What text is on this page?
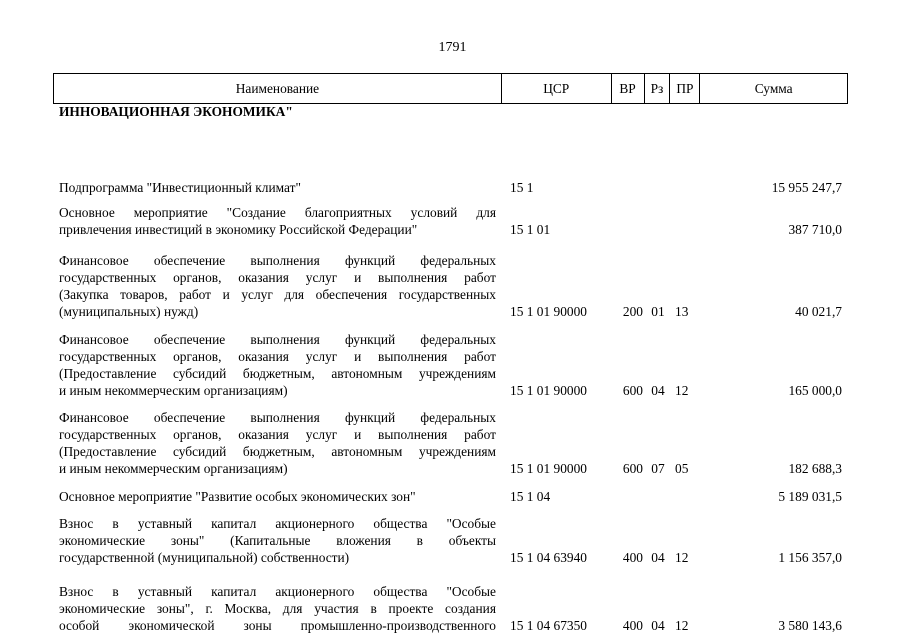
1791
Наименование	ЦСР	ВР	Рз ПР	Сумма
ИННОВАЦИОННАЯ ЭКОНОМИКА"
Подпрограмма "Инвестиционный климат"	15 1	15 955 247,7
Основное мероприятие "Создание благоприятных условий для
привлечения инвестиций в экономику Российской Федерации"	15 1 01	387 710,0
Финансовое обеспечение выполнения функций федеральных
государственных органов, оказания услуг и выполнения работ
(Закупка товаров, работ и услуг для обеспечения государственных
(муниципальных) нужд)	15 1 01 90000	200 01 13	40 021,7
Финансовое обеспечение выполнения функций федеральных
государственных органов, оказания услуг и выполнения работ
(Предоставление субсидий бюджетным, автономным учреждениям
и иным некоммерческим организациям)	15 1 01 90000	600 04 12	165 000,0
Финансовое обеспечение выполнения функций федеральных
государственных органов, оказания услуг и выполнения работ
(Предоставление субсидий бюджетным, автономным учреждениям
и иным некоммерческим организациям)	15 1 01 90000	600 07 05	182 688,3
Основное мероприятие "Развитие особых экономических зон"	15 1 04	5 189 031,5
Взнос в уставный капитал акционерного общества "Особые
экономические зоны" (Капитальные вложения в объекты
государственной (муниципальной) собственности)	15 1 04 63940	400 04 12	1 156 357,0
Взнос в уставный капитал акционерного общества "Особые
экономические зоны", г. Москва, для участия в проекте создания
особой экономической зоны промышленно-производственного	15 1 04 67350	400 04 12	3 580 143,6
